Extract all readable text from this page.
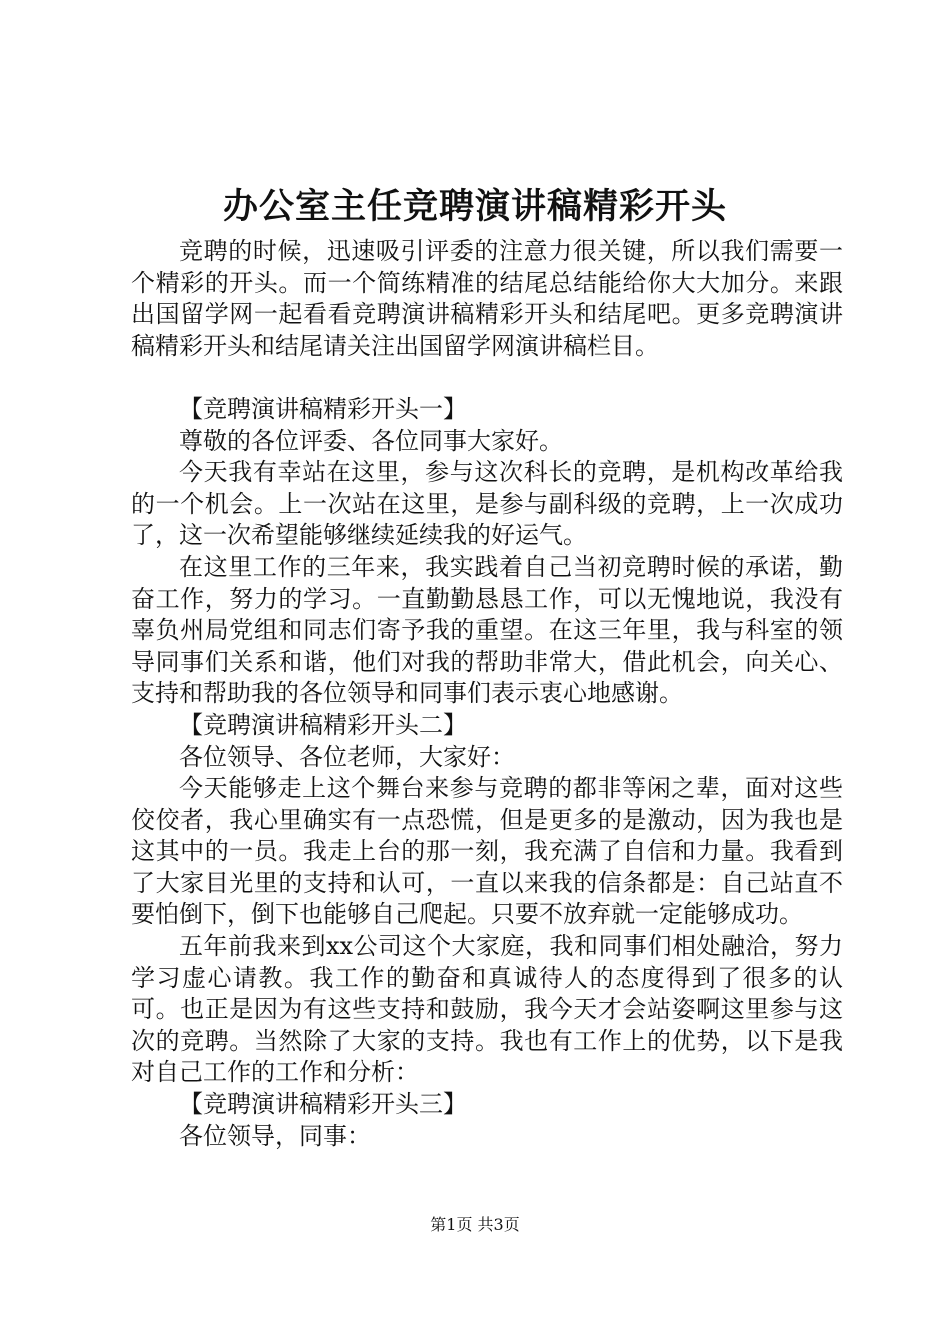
办公室主任竞聘演讲稿精彩开头

竞聘的时候，迅速吸引评委的注意力很关键，所以我们需要一个精彩的开头。而一个简练精准的结尾总结能给你大大加分。来跟出国留学网一起看看竞聘演讲稿精彩开头和结尾吧。更多竞聘演讲稿精彩开头和结尾请关注出国留学网演讲稿栏目。

【竞聘演讲稿精彩开头一】

尊敬的各位评委、各位同事大家好。

今天我有幸站在这里，参与这次科长的竞聘，是机构改革给我的一个机会。上一次站在这里，是参与副科级的竞聘，上一次成功了，这一次希望能够继续延续我的好运气。

在这里工作的三年来，我实践着自己当初竞聘时候的承诺，勤奋工作，努力的学习。一直勤勤恳恳工作，可以无愧地说，我没有辜负州局党组和同志们寄予我的重望。在这三年里，我与科室的领导同事们关系和谐，他们对我的帮助非常大，借此机会，向关心、支持和帮助我的各位领导和同事们表示衷心地感谢。

【竞聘演讲稿精彩开头二】

各位领导、各位老师，大家好：

今天能够走上这个舞台来参与竞聘的都非等闲之辈，面对这些佼佼者，我心里确实有一点恐慌，但是更多的是激动，因为我也是这其中的一员。我走上台的那一刻，我充满了自信和力量。我看到了大家目光里的支持和认可，一直以来我的信条都是：自己站直不要怕倒下，倒下也能够自己爬起。只要不放弃就一定能够成功。

五年前我来到xx公司这个大家庭，我和同事们相处融洽，努力学习虚心请教。我工作的勤奋和真诚待人的态度得到了很多的认可。也正是因为有这些支持和鼓励，我今天才会站姿啊这里参与这次的竞聘。当然除了大家的支持。我也有工作上的优势，以下是我对自己工作的工作和分析：

【竞聘演讲稿精彩开头三】

各位领导，同事：

第1页 共3页
